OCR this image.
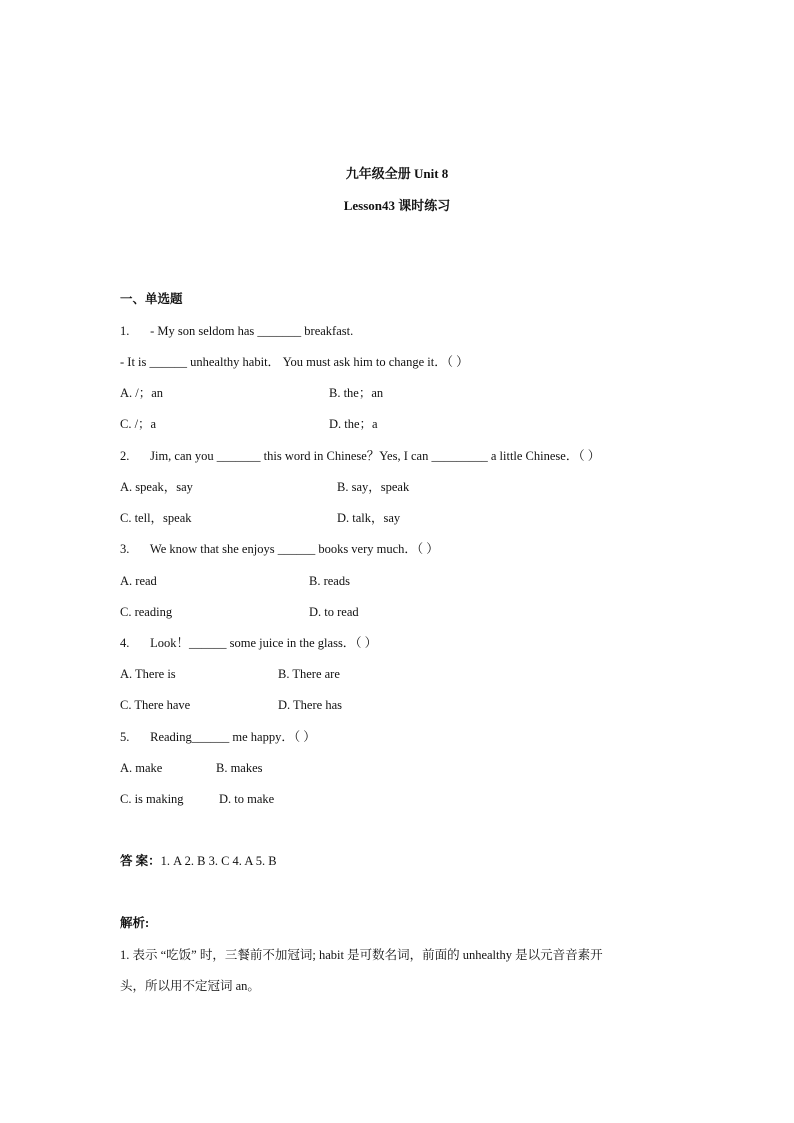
九年级全册 Unit 8
Lesson43 课时练习
一、单选题
1. - My son seldom has _______ breakfast.
- It is ______ unhealthy habit． You must ask him to change it．（ ）
A. /；an	B. the；an
C. /；a	D. the；a
2. Jim, can you _______ this word in Chinese？Yes, I can _________ a little Chinese．（ ）
A. speak，say	B. say，speak
C. tell，speak	D. talk，say
3. We know that she enjoys ______ books very much．（ ）
A. read	B. reads
C. reading	D. to read
4. Look！______ some juice in the glass．（ ）
A. There is	B. There are
C. There have	D. There has
5. Reading______ me happy．（ ）
A. make	B. makes
C. is making	D. to make
答 案：1. A 2. B 3. C 4. A 5. B
解析:
1. 表示 “吃饭” 时，三餐前不加冠词; habit 是可数名词，前面的 unhealthy 是以元音音素开
头，所以用不定冠词 an。
